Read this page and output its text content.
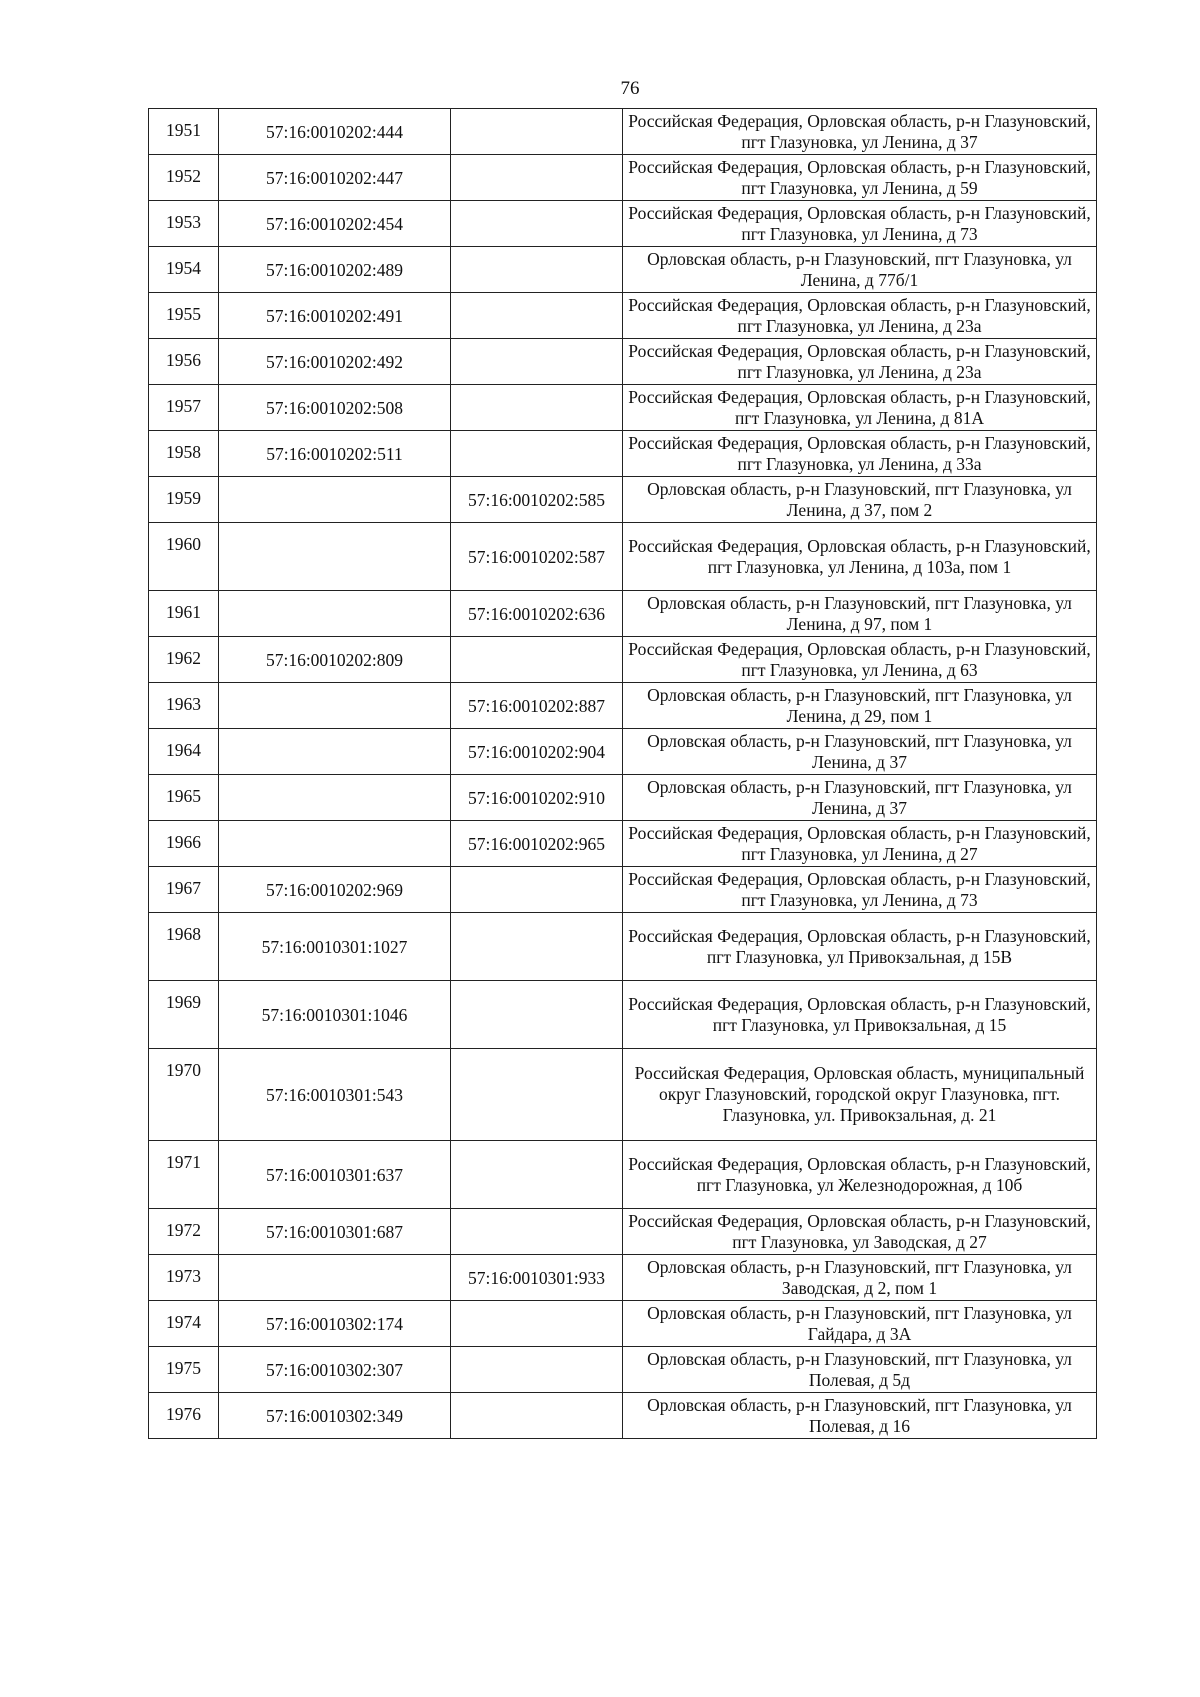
76
1951	57:16:0010202:444		Российская Федерация, Орловская область, р-н Глазуновский, пгт Глазуновка, ул Ленина, д 37
1952	57:16:0010202:447		Российская Федерация, Орловская область, р-н Глазуновский, пгт Глазуновка, ул Ленина, д 59
1953	57:16:0010202:454		Российская Федерация, Орловская область, р-н Глазуновский, пгт Глазуновка, ул Ленина, д 73
1954	57:16:0010202:489		Орловская область, р-н Глазуновский, пгт Глазуновка, ул Ленина, д 77б/1
1955	57:16:0010202:491		Российская Федерация, Орловская область, р-н Глазуновский, пгт Глазуновка, ул Ленина, д 23а
1956	57:16:0010202:492		Российская Федерация, Орловская область, р-н Глазуновский, пгт Глазуновка, ул Ленина, д 23а
1957	57:16:0010202:508		Российская Федерация, Орловская область, р-н Глазуновский, пгт Глазуновка, ул Ленина, д 81А
1958	57:16:0010202:511		Российская Федерация, Орловская область, р-н Глазуновский, пгт Глазуновка, ул Ленина, д 33а
1959		57:16:0010202:585	Орловская область, р-н Глазуновский, пгт Глазуновка, ул Ленина, д 37, пом 2
1960		57:16:0010202:587	Российская Федерация, Орловская область, р-н Глазуновский, пгт Глазуновка, ул Ленина, д 103а, пом 1
1961		57:16:0010202:636	Орловская область, р-н Глазуновский, пгт Глазуновка, ул Ленина, д 97, пом 1
1962	57:16:0010202:809		Российская Федерация, Орловская область, р-н Глазуновский, пгт Глазуновка, ул Ленина, д 63
1963		57:16:0010202:887	Орловская область, р-н Глазуновский, пгт Глазуновка, ул Ленина, д 29, пом 1
1964		57:16:0010202:904	Орловская область, р-н Глазуновский, пгт Глазуновка, ул Ленина, д 37
1965		57:16:0010202:910	Орловская область, р-н Глазуновский, пгт Глазуновка, ул Ленина, д 37
1966		57:16:0010202:965	Российская Федерация, Орловская область, р-н Глазуновский, пгт Глазуновка, ул Ленина, д 27
1967	57:16:0010202:969		Российская Федерация, Орловская область, р-н Глазуновский, пгт Глазуновка, ул Ленина, д 73
1968	57:16:0010301:1027		Российская Федерация, Орловская область, р-н Глазуновский, пгт Глазуновка, ул Привокзальная, д 15В
1969	57:16:0010301:1046		Российская Федерация, Орловская область, р-н Глазуновский, пгт Глазуновка, ул Привокзальная, д 15
1970	57:16:0010301:543		Российская Федерация, Орловская область, муниципальный округ Глазуновский, городской округ Глазуновка, пгт. Глазуновка, ул. Привокзальная, д. 21
1971	57:16:0010301:637		Российская Федерация, Орловская область, р-н Глазуновский, пгт Глазуновка, ул Железнодорожная, д 10б
1972	57:16:0010301:687		Российская Федерация, Орловская область, р-н Глазуновский, пгт Глазуновка, ул Заводская, д 27
1973		57:16:0010301:933	Орловская область, р-н Глазуновский, пгт Глазуновка, ул Заводская, д 2, пом 1
1974	57:16:0010302:174		Орловская область, р-н Глазуновский, пгт Глазуновка, ул Гайдара, д 3А
1975	57:16:0010302:307		Орловская область, р-н Глазуновский, пгт Глазуновка, ул Полевая, д 5д
1976	57:16:0010302:349		Орловская область, р-н Глазуновский, пгт Глазуновка, ул Полевая, д 16
